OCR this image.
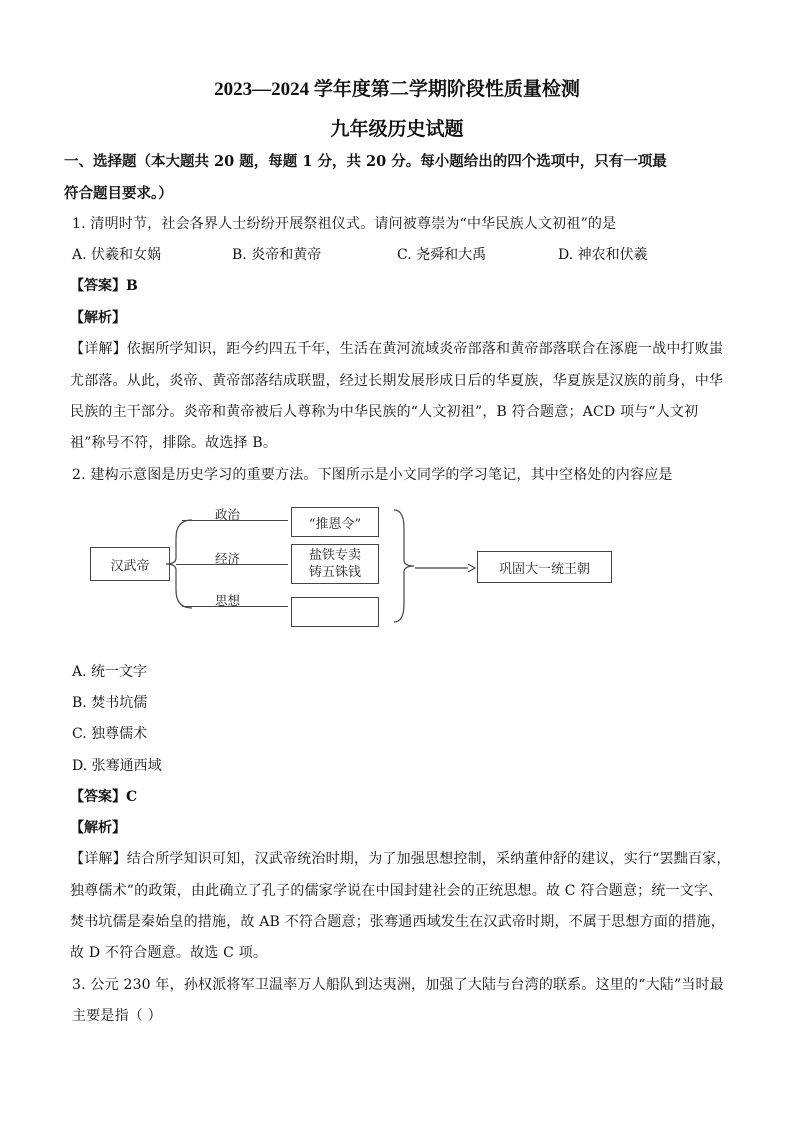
2023—2024 学年度第二学期阶段性质量检测
九年级历史试题
一、选择题（本大题共 20 题，每题 1 分，共 20 分。每小题给出的四个选项中，只有一项最
符合题目要求。）
1. 清明时节，社会各界人士纷纷开展祭祖仪式。请问被尊崇为“中华民族人文初祖”的是
A. 伏羲和女娲	B. 炎帝和黄帝	C. 尧舜和大禹	D. 神农和伏羲
【答案】B
【解析】
【详解】依据所学知识，距今约四五千年，生活在黄河流域炎帝部落和黄帝部落联合在涿鹿一战中打败蚩
尤部落。从此，炎帝、黄帝部落结成联盟，经过长期发展形成日后的华夏族，华夏族是汉族的前身，中华
民族的主干部分。炎帝和黄帝被后人尊称为中华民族的“人文初祖”，B 符合题意；ACD 项与“人文初
祖”称号不符，排除。故选择 B。
2. 建构示意图是历史学习的重要方法。下图所示是小文同学的学习笔记，其中空格处的内容应是
汉武帝
政治
经济
思想
“推恩令”
盐铁专卖
铸五铢钱	巩固大一统王朝
A. 统一文字
B. 焚书坑儒
C. 独尊儒术
D. 张骞通西域
【答案】C
【解析】
【详解】结合所学知识可知，汉武帝统治时期，为了加强思想控制，采纳董仲舒的建议，实行“罢黜百家，
独尊儒术”的政策，由此确立了孔子的儒家学说在中国封建社会的正统思想。故 C 符合题意；统一文字、
焚书坑儒是秦始皇的措施，故 AB 不符合题意；张骞通西域发生在汉武帝时期，不属于思想方面的措施，
故 D 不符合题意。故选 C 项。
3. 公元 230 年，孙权派将军卫温率万人船队到达夷洲，加强了大陆与台湾的联系。这里的“大陆”当时最
主要是指（ ）
